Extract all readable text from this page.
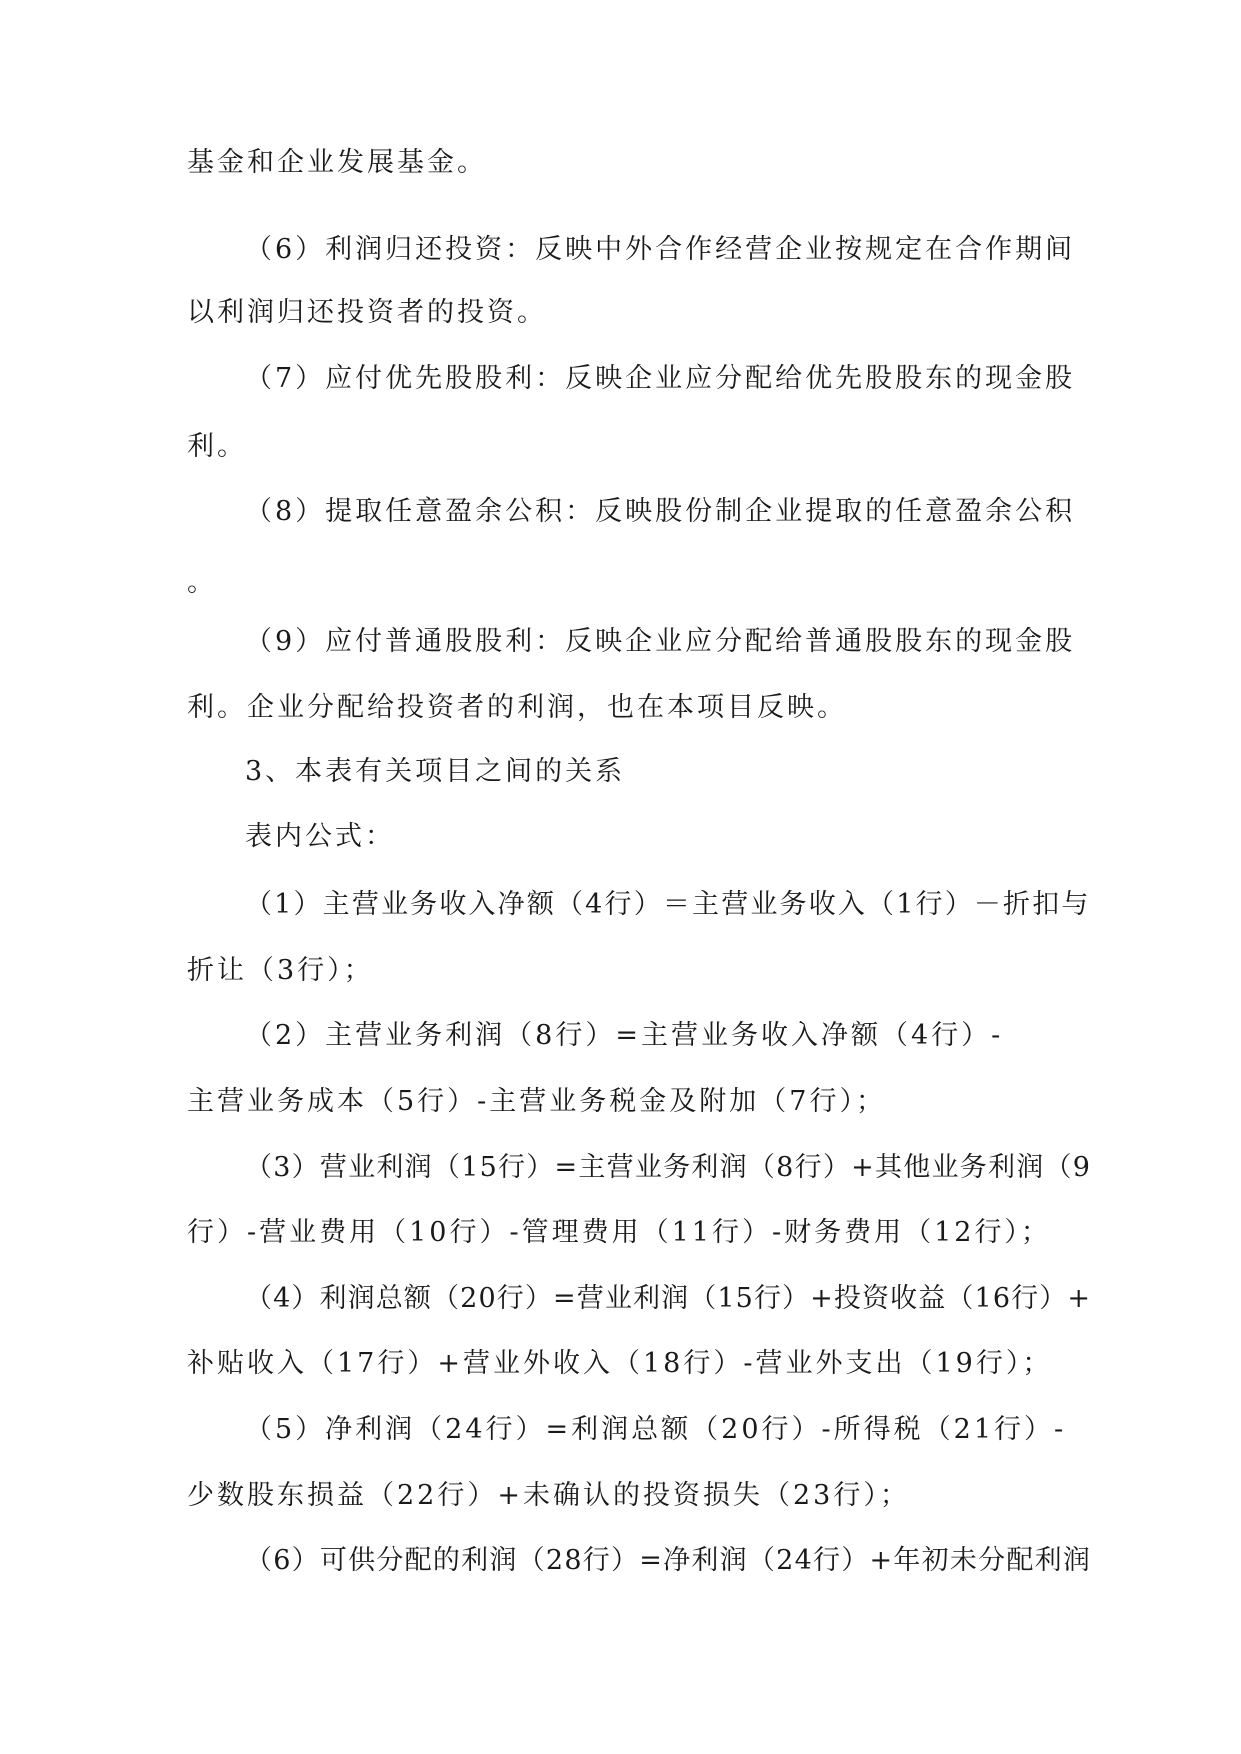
基金和企业发展基金。
（6）利润归还投资：反映中外合作经营企业按规定在合作期间
以利润归还投资者的投资。
（7）应付优先股股利：反映企业应分配给优先股股东的现金股
利。
（8）提取任意盈余公积：反映股份制企业提取的任意盈余公积
。
（9）应付普通股股利：反映企业应分配给普通股股东的现金股
利。企业分配给投资者的利润，也在本项目反映。
3、本表有关项目之间的关系
表内公式：
（1）主营业务收入净额（4行）＝主营业务收入（1行）－折扣与
折让（3行）；
（2）主营业务利润（8行）=主营业务收入净额（4行）-
主营业务成本（5行）-主营业务税金及附加（7行）；
（3）营业利润（15行）=主营业务利润（8行）+其他业务利润（9
行）-营业费用（10行）-管理费用（11行）-财务费用（12行）；
（4）利润总额（20行）=营业利润（15行）+投资收益（16行）+
补贴收入（17行）+营业外收入（18行）-营业外支出（19行）；
（5）净利润（24行）=利润总额（20行）-所得税（21行）-
少数股东损益（22行）+未确认的投资损失（23行）；
（6）可供分配的利润（28行）=净利润（24行）+年初未分配利润
